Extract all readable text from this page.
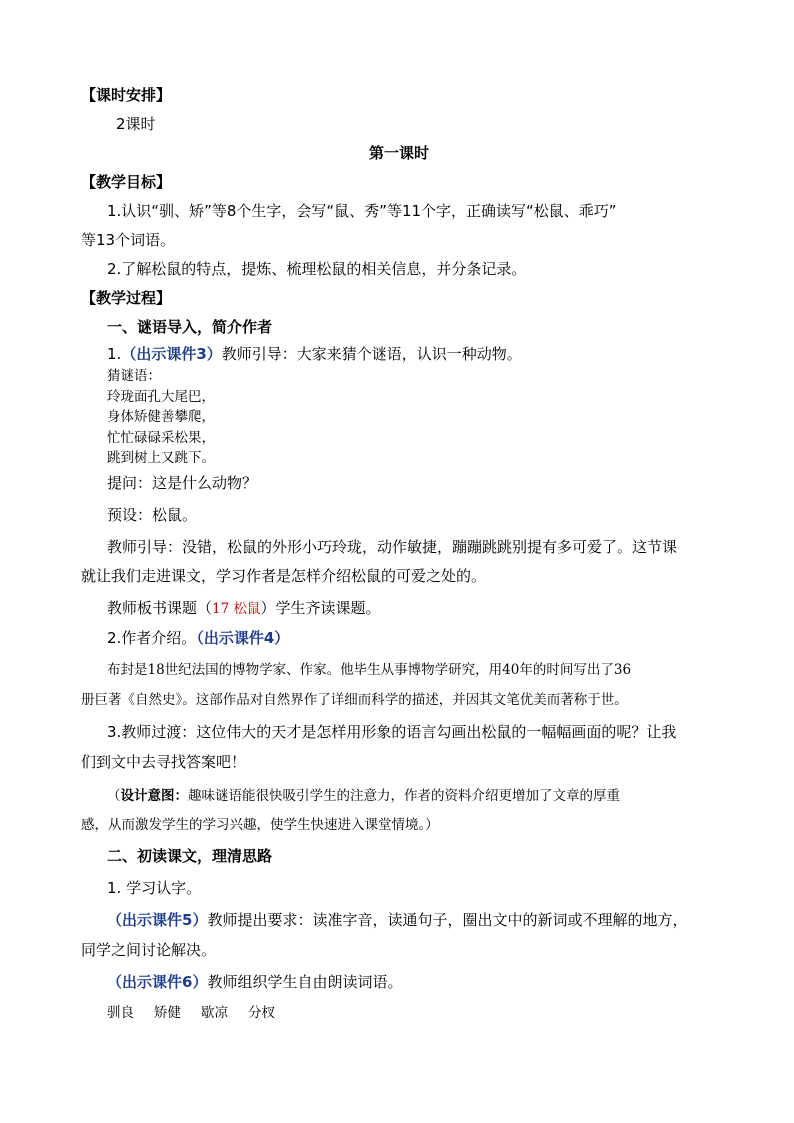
【课时安排】
2课时
第一课时
【教学目标】
1.认识“驯、矫”等8个生字，会写“鼠、秀”等11个字，正确读写“松鼠、乖巧”
等13个词语。
2.了解松鼠的特点，提炼、梳理松鼠的相关信息，并分条记录。
【教学过程】
一、谜语导入，简介作者
1.（出示课件3）教师引导：大家来猜个谜语，认识一种动物。
猜谜语：
玲珑面孔大尾巴，
身体矫健善攀爬，
忙忙碌碌采松果，
跳到树上又跳下。
提问：这是什么动物？
预设：松鼠。
教师引导：没错，松鼠的外形小巧玲珑，动作敏捷，蹦蹦跳跳别提有多可爱了。这节课
就让我们走进课文，学习作者是怎样介绍松鼠的可爱之处的。
教师板书课题（17 松鼠）学生齐读课题。
2.作者介绍。（出示课件4）
布封是18世纪法国的博物学家、作家。他毕生从事博物学研究，用40年的时间写出了36
册巨著《自然史》。这部作品对自然界作了详细而科学的描述，并因其文笔优美而著称于世。
3.教师过渡：这位伟大的天才是怎样用形象的语言勾画出松鼠的一幅幅画面的呢？让我
们到文中去寻找答案吧！
（设计意图：趣味谜语能很快吸引学生的注意力，作者的资料介绍更增加了文章的厚重
感，从而激发学生的学习兴趣，使学生快速进入课堂情境。）
二、初读课文，理清思路
1. 学习认字。
（出示课件5）教师提出要求：读准字音，读通句子，圈出文中的新词或不理解的地方，
同学之间讨论解决。
（出示课件6）教师组织学生自由朗读词语。
驯良 矫健 歇凉 分杈
